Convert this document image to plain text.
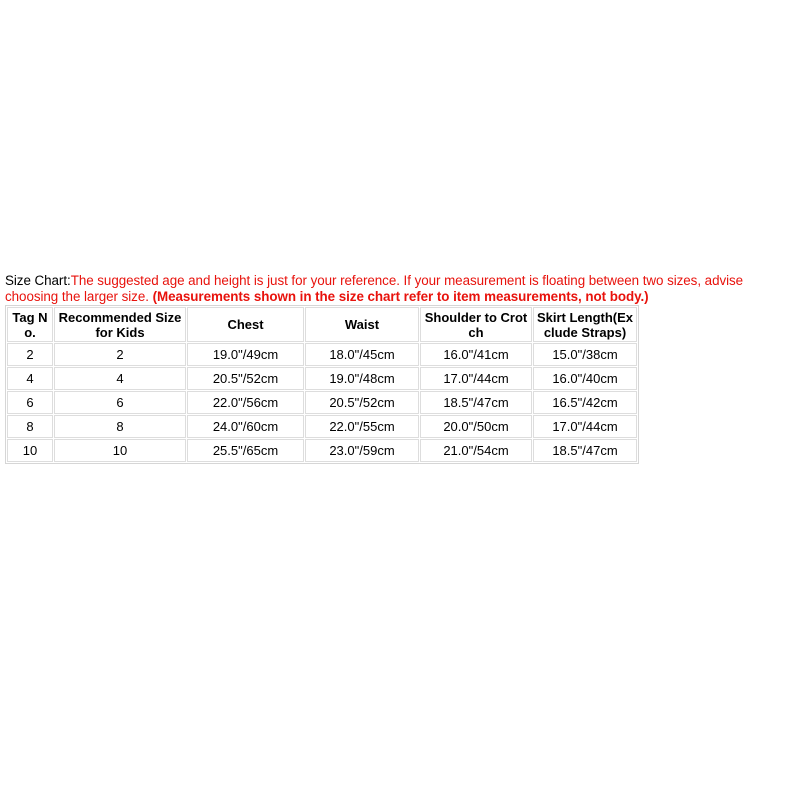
Size Chart:The suggested age and height is just for your reference. If your measurement is floating between two sizes, advise choosing the larger size. (Measurements shown in the size chart refer to item measurements, not body.)
Tag N o.	Recommended Size for Kids	Chest	Waist	Shoulder to Crot ch	Skirt Length(Ex clude Straps)
2	2	19.0"/49cm	18.0"/45cm	16.0"/41cm	15.0"/38cm
4	4	20.5"/52cm	19.0"/48cm	17.0"/44cm	16.0"/40cm
6	6	22.0"/56cm	20.5"/52cm	18.5"/47cm	16.5"/42cm
8	8	24.0"/60cm	22.0"/55cm	20.0"/50cm	17.0"/44cm
10	10	25.5"/65cm	23.0"/59cm	21.0"/54cm	18.5"/47cm
